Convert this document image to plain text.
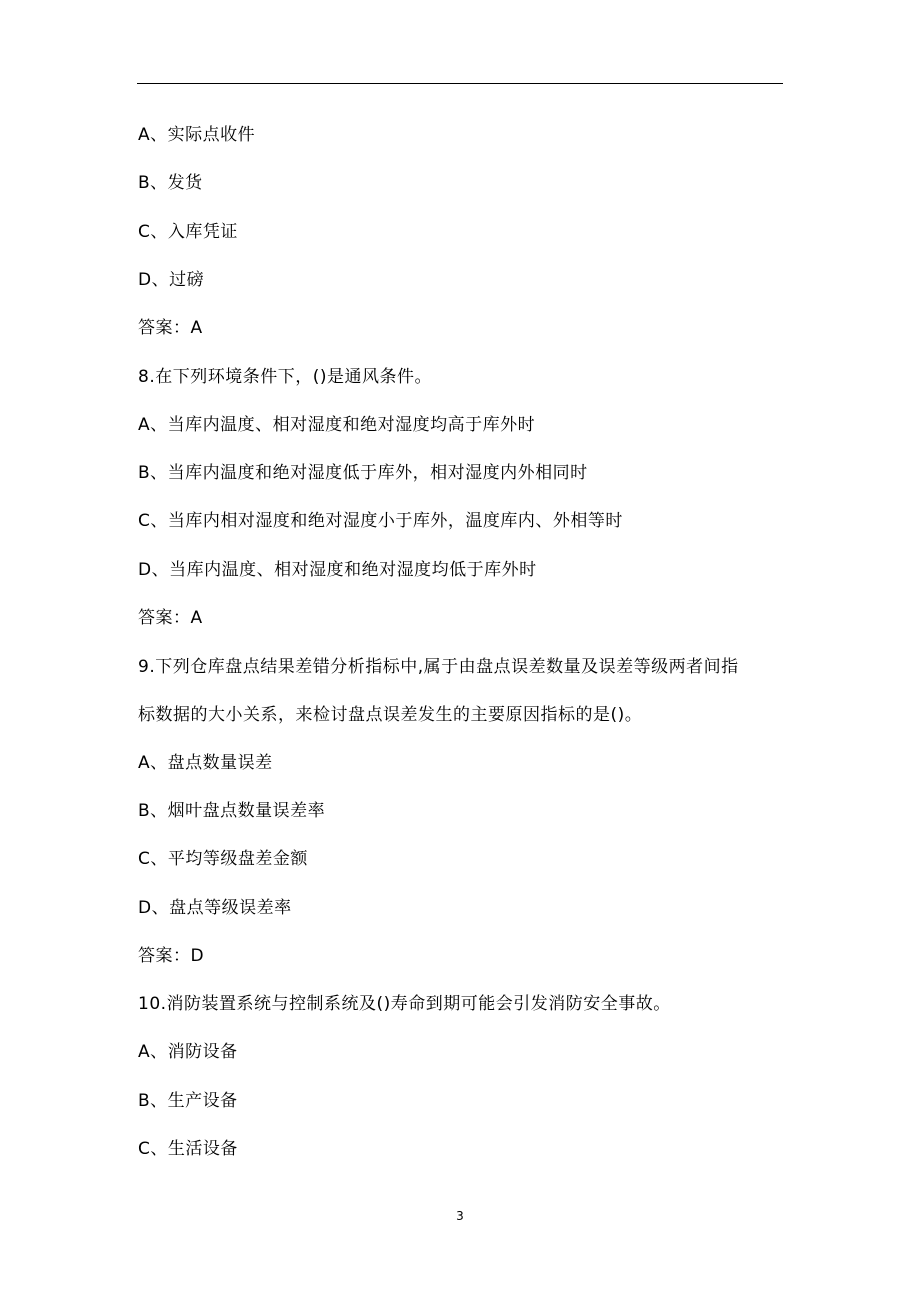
A、实际点收件
B、发货
C、入库凭证
D、过磅
答案：A
8.在下列环境条件下，()是通风条件。
A、当库内温度、相对湿度和绝对湿度均高于库外时
B、当库内温度和绝对湿度低于库外，相对湿度内外相同时
C、当库内相对湿度和绝对湿度小于库外，温度库内、外相等时
D、当库内温度、相对湿度和绝对湿度均低于库外时
答案：A
9.下列仓库盘点结果差错分析指标中,属于由盘点误差数量及误差等级两者间指
标数据的大小关系，来检讨盘点误差发生的主要原因指标的是()。
A、盘点数量误差
B、烟叶盘点数量误差率
C、平均等级盘差金额
D、盘点等级误差率
答案：D
10.消防装置系统与控制系统及()寿命到期可能会引发消防安全事故。
A、消防设备
B、生产设备
C、生活设备
3
